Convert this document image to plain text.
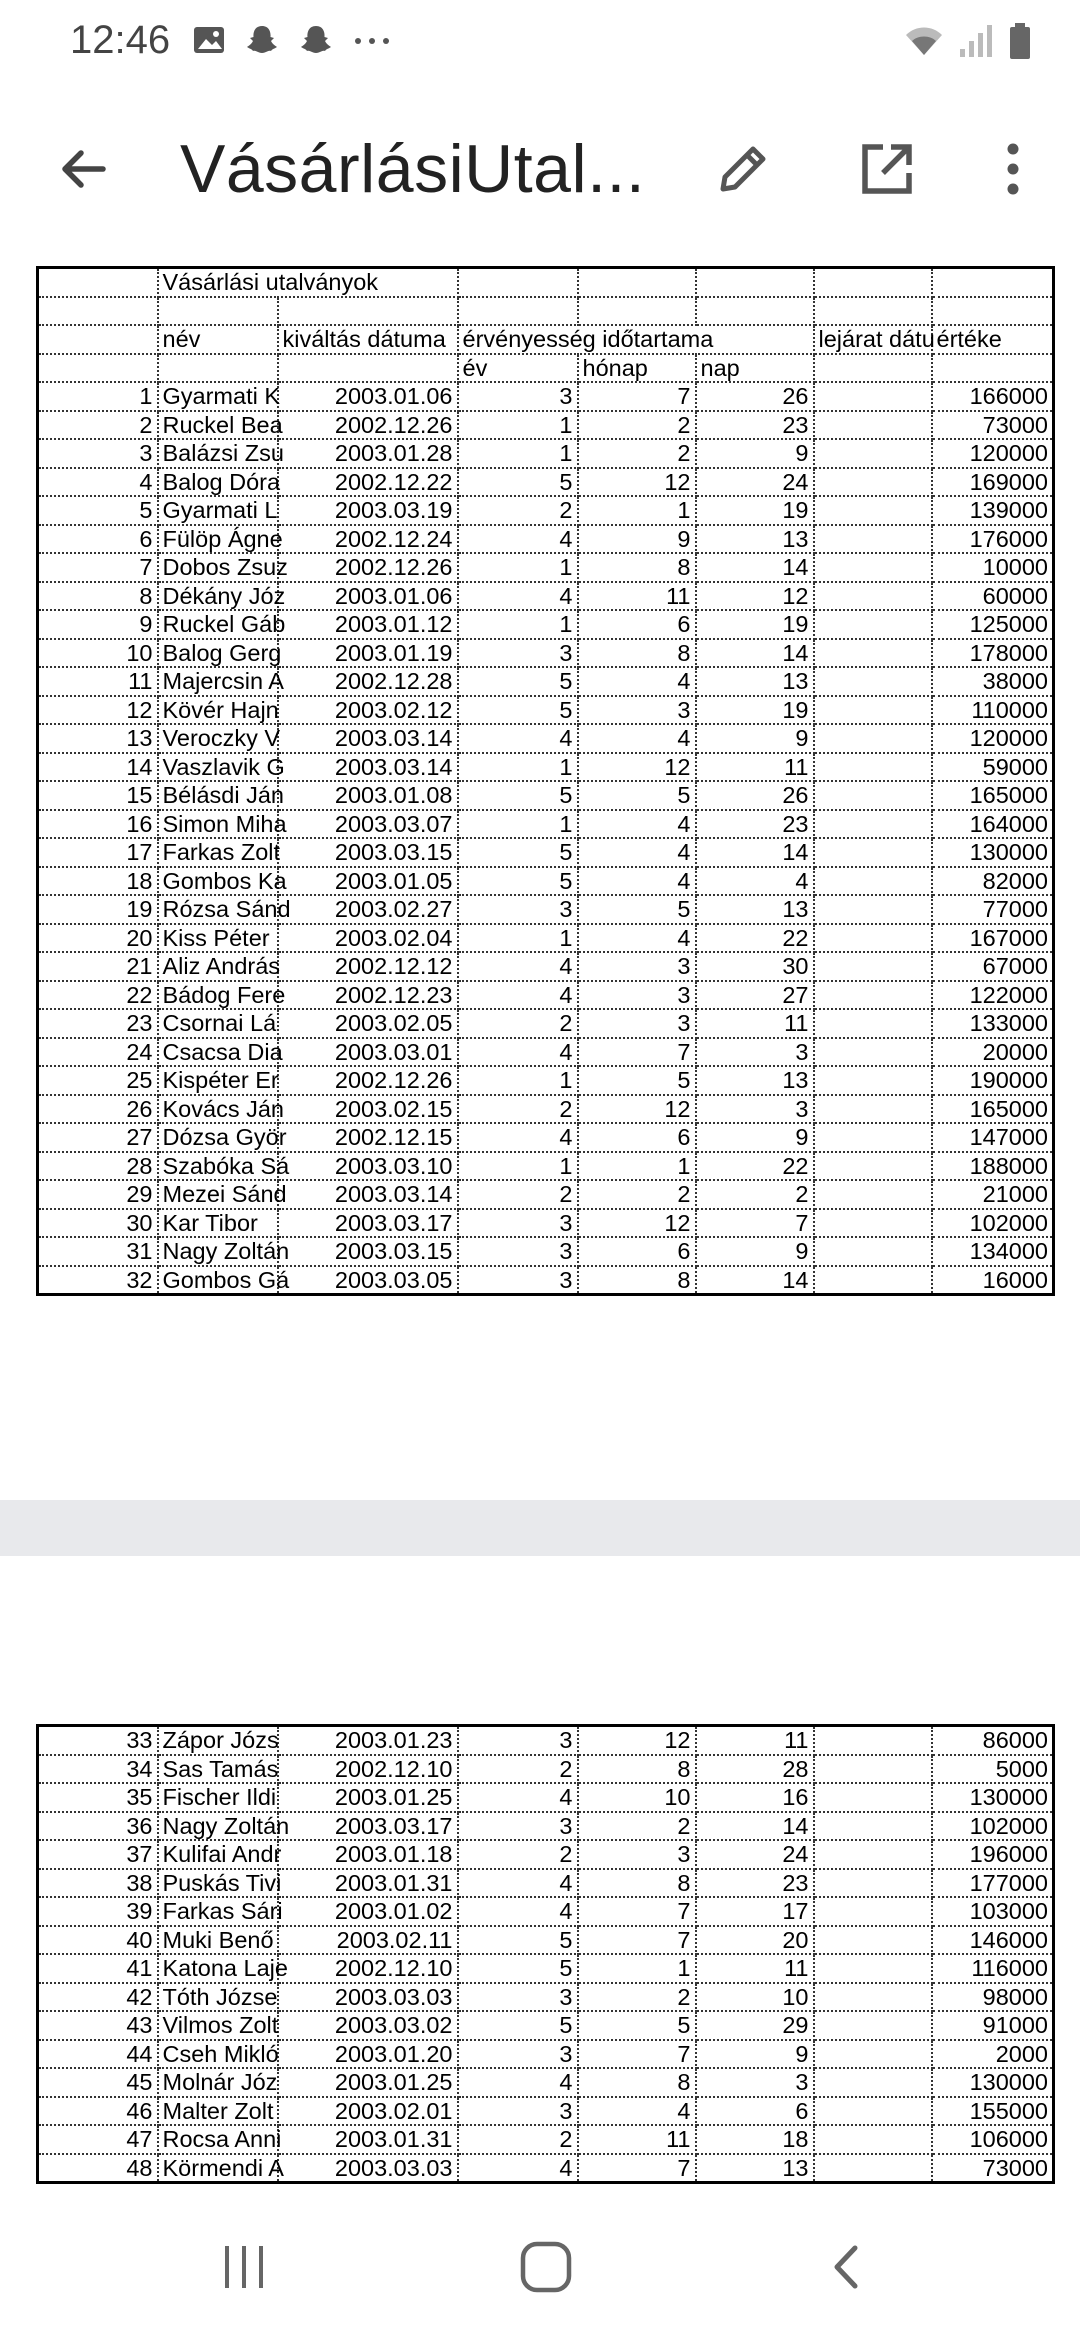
12:46
VásárlásiUtal...
	Vásárlási utalványok						

	név	kiváltás dátuma	érvényesség időtartama			lejárat dátu	értéke
			év	hónap	nap		
1	Gyarmati K	2003.01.06	3	7	26		166000
2	Ruckel Bea	2002.12.26	1	2	23		73000
3	Balázsi Zsu	2003.01.28	1	2	9		120000
4	Balog Dóra	2002.12.22	5	12	24		169000
5	Gyarmati L	2003.03.19	2	1	19		139000
6	Fülöp Ágne	2002.12.24	4	9	13		176000
7	Dobos Zsuz	2002.12.26	1	8	14		10000
8	Dékány Józ	2003.01.06	4	11	12		60000
9	Ruckel Gáb	2003.01.12	1	6	19		125000
10	Balog Gerg	2003.01.19	3	8	14		178000
11	Majercsin A	2002.12.28	5	4	13		38000
12	Kövér Hajn	2003.02.12	5	3	19		110000
13	Veroczky V	2003.03.14	4	4	9		120000
14	Vaszlavik G	2003.03.14	1	12	11		59000
15	Bélásdi Ján	2003.01.08	5	5	26		165000
16	Simon Miha	2003.03.07	1	4	23		164000
17	Farkas Zolt	2003.03.15	5	4	14		130000
18	Gombos Ka	2003.01.05	5	4	4		82000
19	Rózsa Sánd	2003.02.27	3	5	13		77000
20	Kiss Péter	2003.02.04	1	4	22		167000
21	Aliz András	2002.12.12	4	3	30		67000
22	Bádog Fere	2002.12.23	4	3	27		122000
23	Csornai Lá	2003.02.05	2	3	11		133000
24	Csacsa Dia	2003.03.01	4	7	3		20000
25	Kispéter Er	2002.12.26	1	5	13		190000
26	Kovács Ján	2003.02.15	2	12	3		165000
27	Dózsa Györ	2002.12.15	4	6	9		147000
28	Szabóka Sá	2003.03.10	1	1	22		188000
29	Mezei Sánd	2003.03.14	2	2	2		21000
30	Kar Tibor	2003.03.17	3	12	7		102000
31	Nagy Zoltán	2003.03.15	3	6	9		134000
32	Gombos Gá	2003.03.05	3	8	14		16000
33	Zápor Józs	2003.01.23	3	12	11		86000
34	Sas Tamás	2002.12.10	2	8	28		5000
35	Fischer Ildi	2003.01.25	4	10	16		130000
36	Nagy Zoltán	2003.03.17	3	2	14		102000
37	Kulifai Andr	2003.01.18	2	3	24		196000
38	Puskás Tivi	2003.01.31	4	8	23		177000
39	Farkas Sári	2003.01.02	4	7	17		103000
40	Muki Benő	2003.02.11	5	7	20		146000
41	Katona Laje	2002.12.10	5	1	11		116000
42	Tóth Józse	2003.03.03	3	2	10		98000
43	Vilmos Zolt	2003.03.02	5	5	29		91000
44	Cseh Mikló	2003.01.20	3	7	9		2000
45	Molnár Józ	2003.01.25	4	8	3		130000
46	Malter Zolt	2003.02.01	3	4	6		155000
47	Rocsa Anni	2003.01.31	2	11	18		106000
48	Körmendi A	2003.03.03	4	7	13		73000
